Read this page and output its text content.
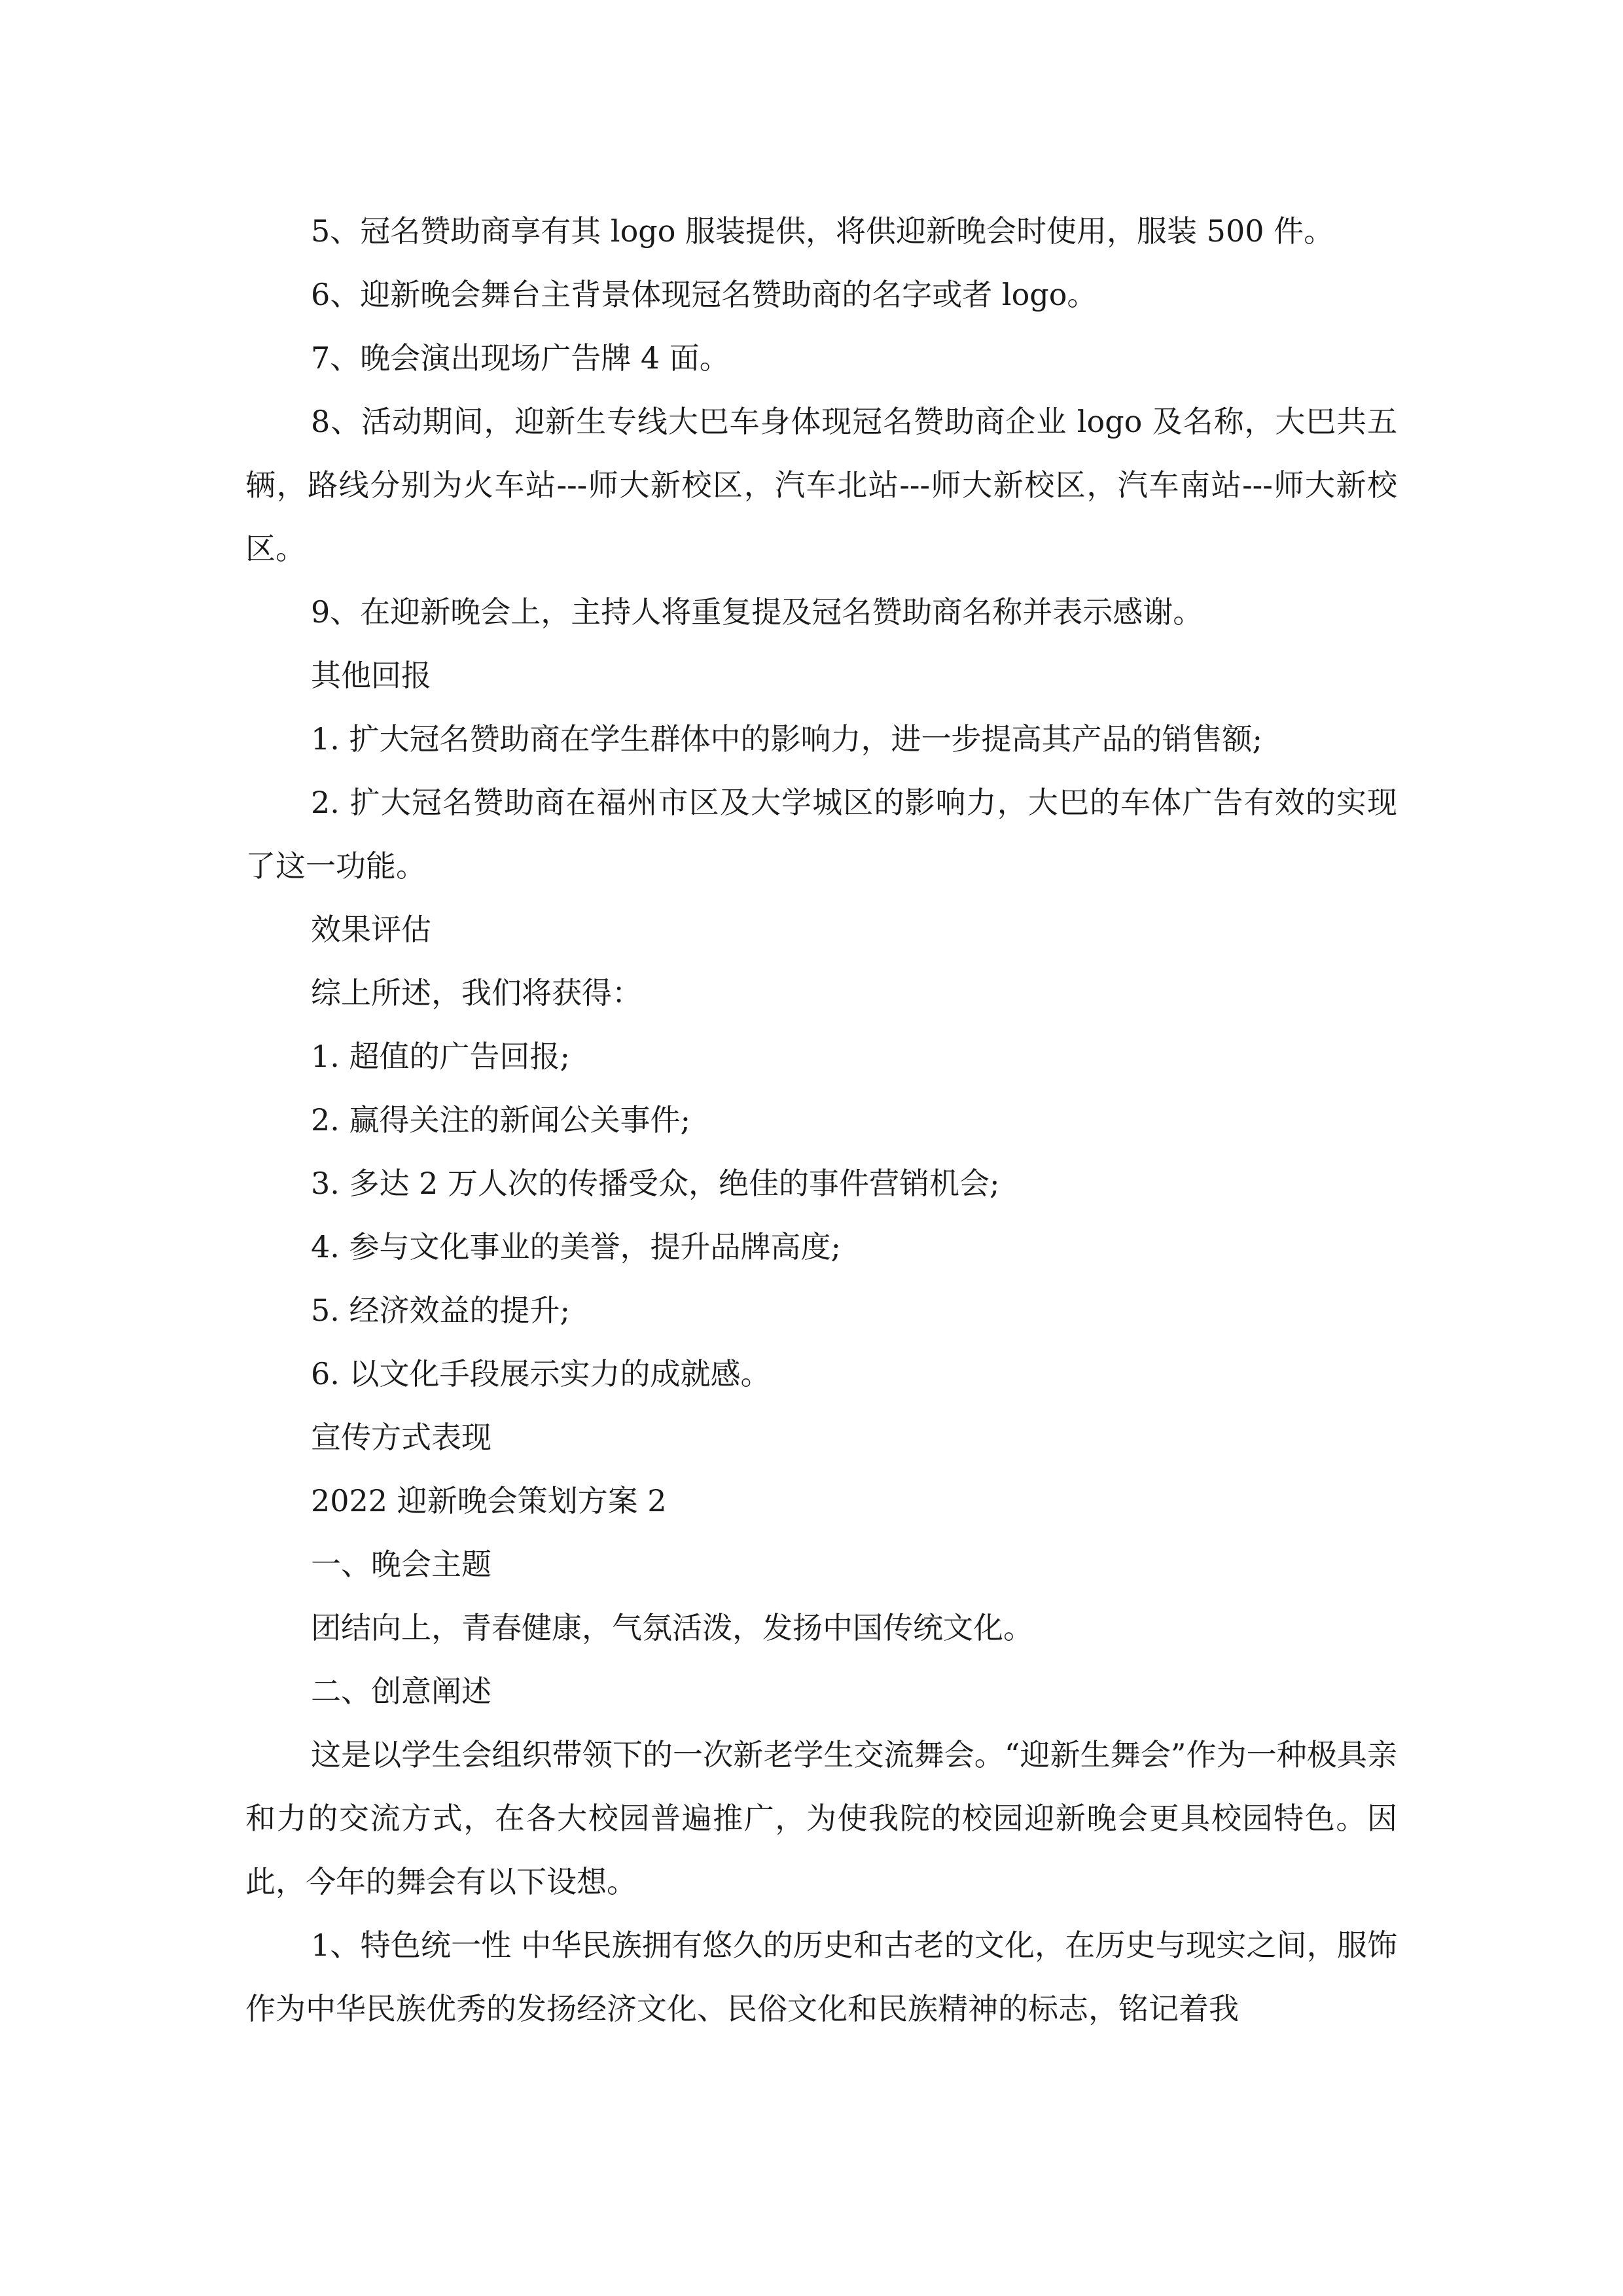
5、冠名赞助商享有其 logo 服装提供，将供迎新晚会时使用，服装 500 件。

6、迎新晚会舞台主背景体现冠名赞助商的名字或者 logo。

7、晚会演出现场广告牌 4 面。

8、活动期间，迎新生专线大巴车身体现冠名赞助商企业 logo 及名称，大巴共五辆，路线分别为火车站---师大新校区，汽车北站---师大新校区，汽车南站---师大新校区。

9、在迎新晚会上，主持人将重复提及冠名赞助商名称并表示感谢。

其他回报

1. 扩大冠名赞助商在学生群体中的影响力，进一步提高其产品的销售额;

2. 扩大冠名赞助商在福州市区及大学城区的影响力，大巴的车体广告有效的实现了这一功能。

效果评估

综上所述，我们将获得：

1. 超值的广告回报;

2. 赢得关注的新闻公关事件;

3. 多达 2 万人次的传播受众，绝佳的事件营销机会;

4. 参与文化事业的美誉，提升品牌高度;

5. 经济效益的提升;

6. 以文化手段展示实力的成就感。

宣传方式表现

2022 迎新晚会策划方案 2

一、晚会主题

团结向上，青春健康，气氛活泼，发扬中国传统文化。

二、创意阐述

这是以学生会组织带领下的一次新老学生交流舞会。“迎新生舞会”作为一种极具亲和力的交流方式，在各大校园普遍推广，为使我院的校园迎新晚会更具校园特色。因此，今年的舞会有以下设想。

1、特色统一性 中华民族拥有悠久的历史和古老的文化，在历史与现实之间，服饰作为中华民族优秀的发扬经济文化、民俗文化和民族精神的标志，铭记着我
